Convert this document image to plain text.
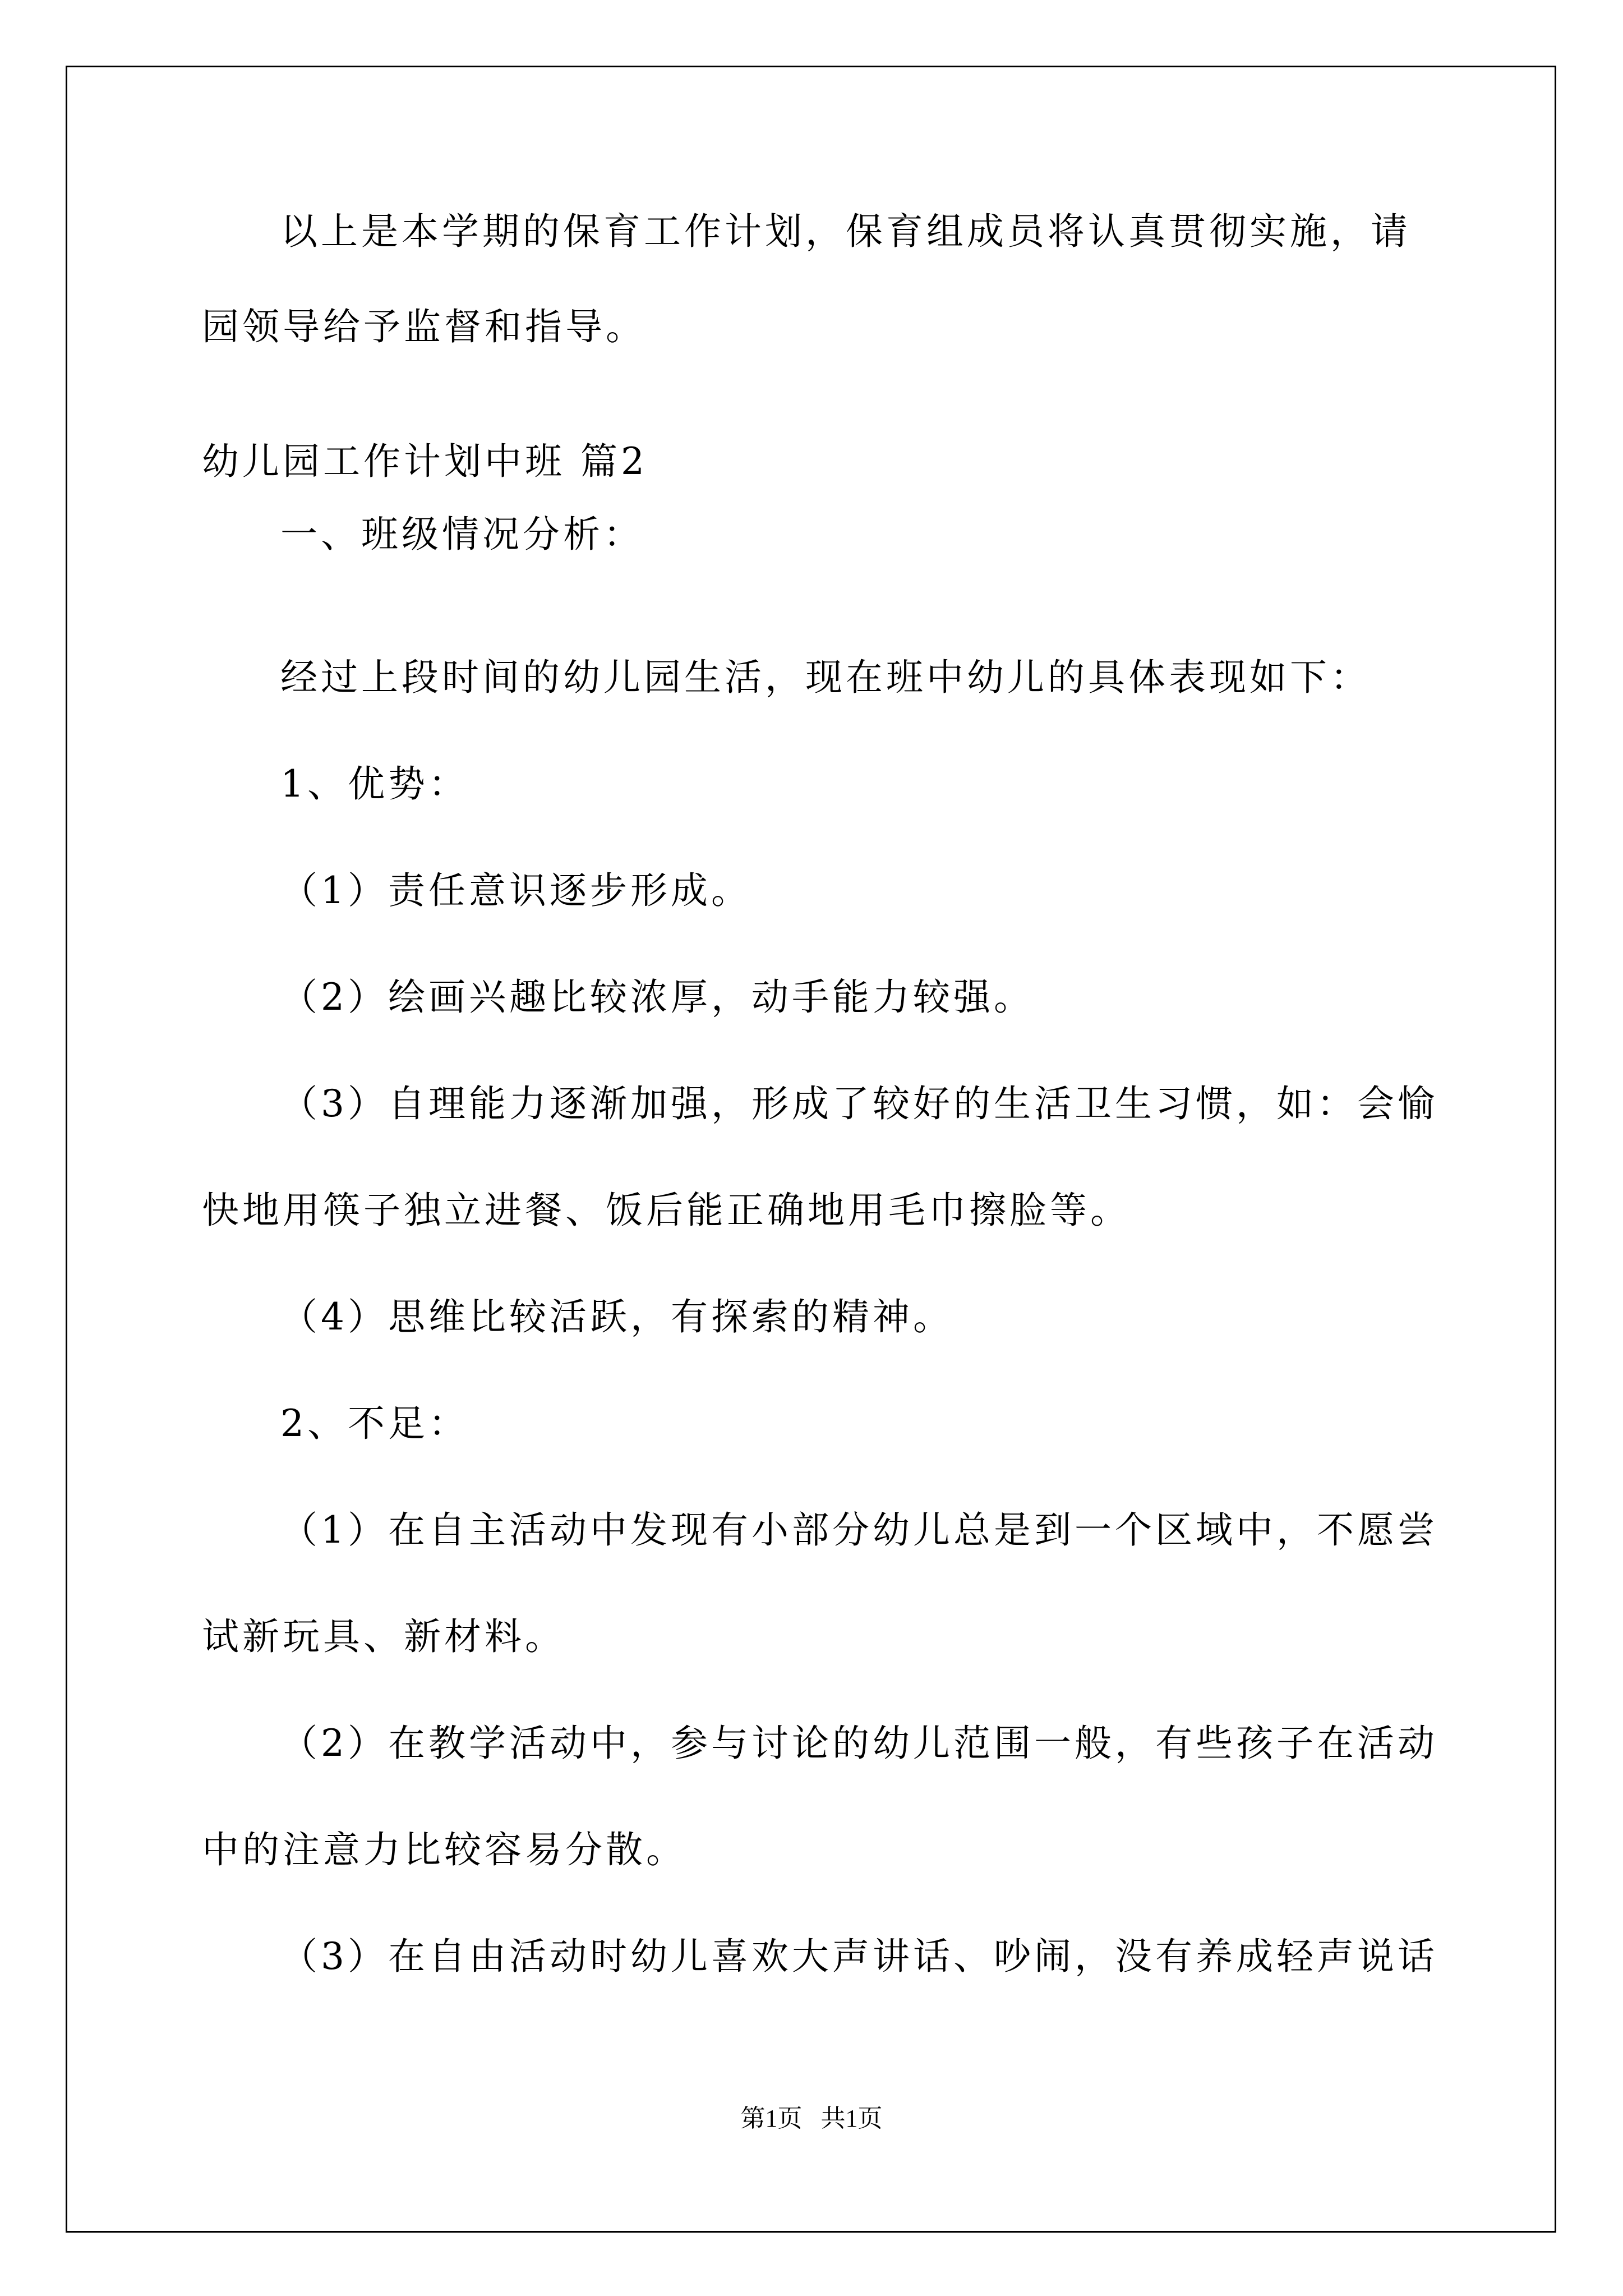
以上是本学期的保育工作计划，保育组成员将认真贯彻实施，请
园领导给予监督和指导。
幼儿园工作计划中班 篇2
一、班级情况分析：
经过上段时间的幼儿园生活，现在班中幼儿的具体表现如下：
1、优势：
（1）责任意识逐步形成。
（2）绘画兴趣比较浓厚，动手能力较强。
（3）自理能力逐渐加强，形成了较好的生活卫生习惯，如：会愉
快地用筷子独立进餐、饭后能正确地用毛巾擦脸等。
（4）思维比较活跃，有探索的精神。
2、不足：
（1）在自主活动中发现有小部分幼儿总是到一个区域中，不愿尝
试新玩具、新材料。
（2）在教学活动中，参与讨论的幼儿范围一般，有些孩子在活动
中的注意力比较容易分散。
（3）在自由活动时幼儿喜欢大声讲话、吵闹，没有养成轻声说话
第1页   共1页
